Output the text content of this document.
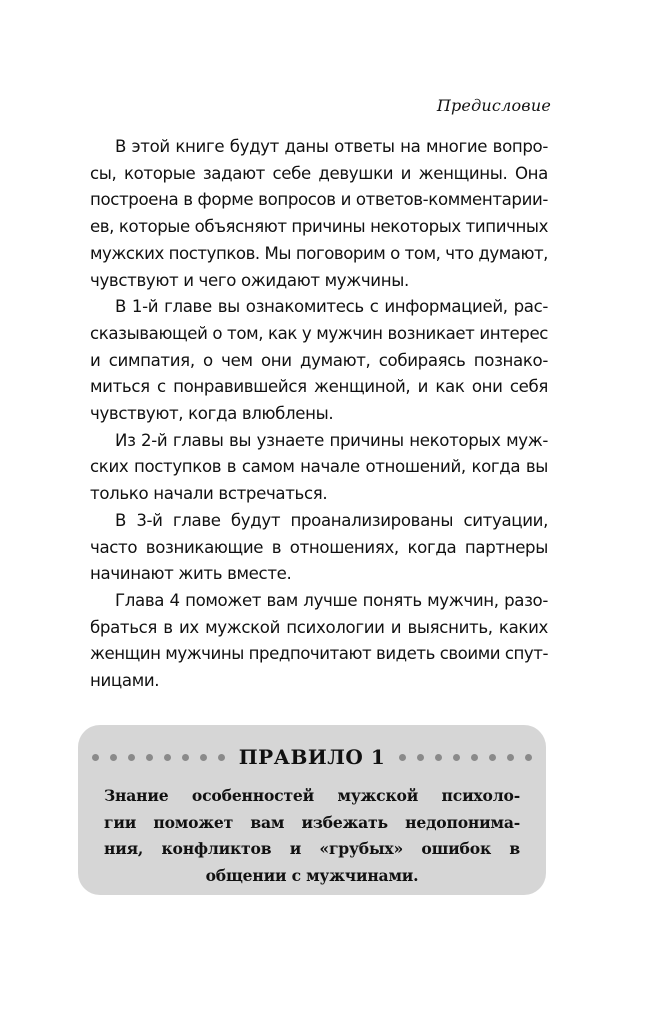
Предисловие

В этой книге будут даны ответы на многие вопро-
сы, которые задают себе девушки и женщины. Она
построена в форме вопросов и ответов-комментарии-
ев, которые объясняют причины некоторых типичных
мужских поступков. Мы поговорим о том, что думают,
чувствуют и чего ожидают мужчины.

В 1-й главе вы ознакомитесь с информацией, рас-
сказывающей о том, как у мужчин возникает интерес
и симпатия, о чем они думают, собираясь познако-
миться с понравившейся женщиной, и как они себя
чувствуют, когда влюблены.

Из 2-й главы вы узнаете причины некоторых муж-
ских поступков в самом начале отношений, когда вы
только начали встречаться.

В 3-й главе будут проанализированы ситуации,
часто возникающие в отношениях, когда партнеры
начинают жить вместе.

Глава 4 поможет вам лучше понять мужчин, разо-
браться в их мужской психологии и выяснить, каких
женщин мужчины предпочитают видеть своими спут-
ницами.

ПРАВИЛО 1
Знание особенностей мужской психоло-
гии поможет вам избежать недопонима-
ния, конфликтов и «грубых» ошибок в
общении с мужчинами.
